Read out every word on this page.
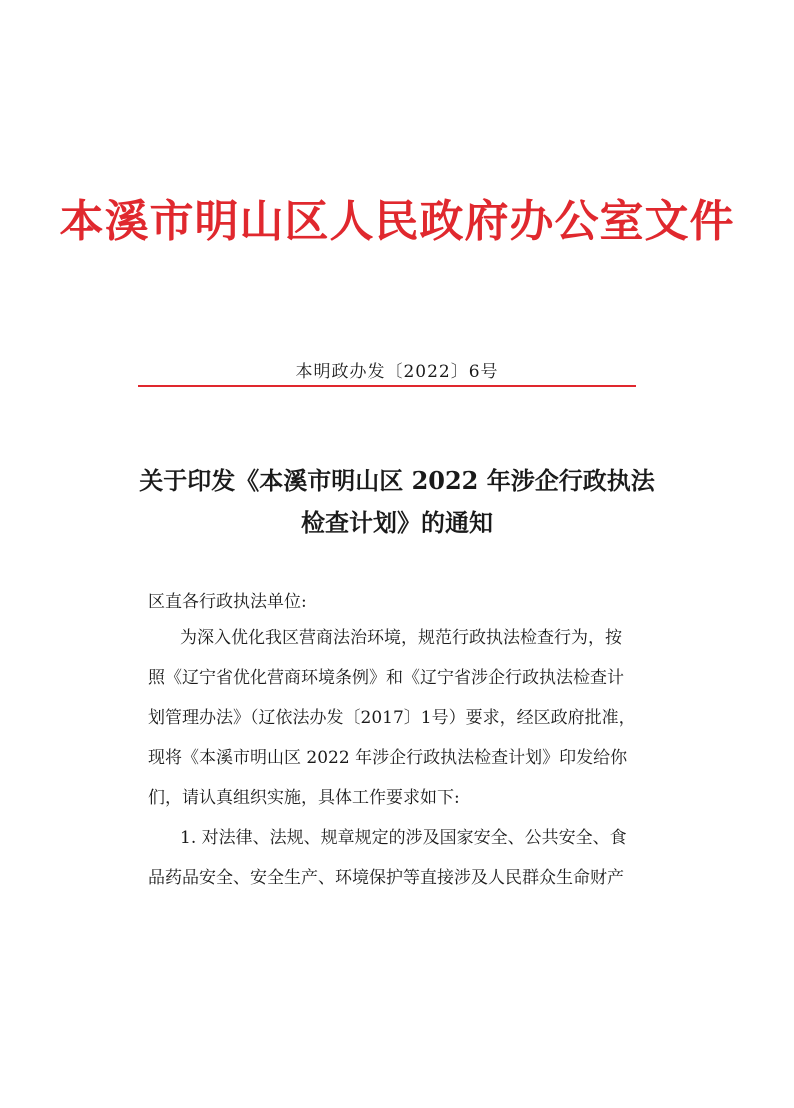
本溪市明山区人民政府办公室文件
本明政办发〔2022〕6号
关于印发《本溪市明山区 2022 年涉企行政执法
检查计划》的通知
区直各行政执法单位:
为深入优化我区营商法治环境，规范行政执法检查行为，按
照《辽宁省优化营商环境条例》和《辽宁省涉企行政执法检查计
划管理办法》（辽依法办发〔2017〕1号）要求，经区政府批准，
现将《本溪市明山区 2022 年涉企行政执法检查计划》印发给你
们，请认真组织实施，具体工作要求如下:
1. 对法律、法规、规章规定的涉及国家安全、公共安全、食
品药品安全、安全生产、环境保护等直接涉及人民群众生命财产
